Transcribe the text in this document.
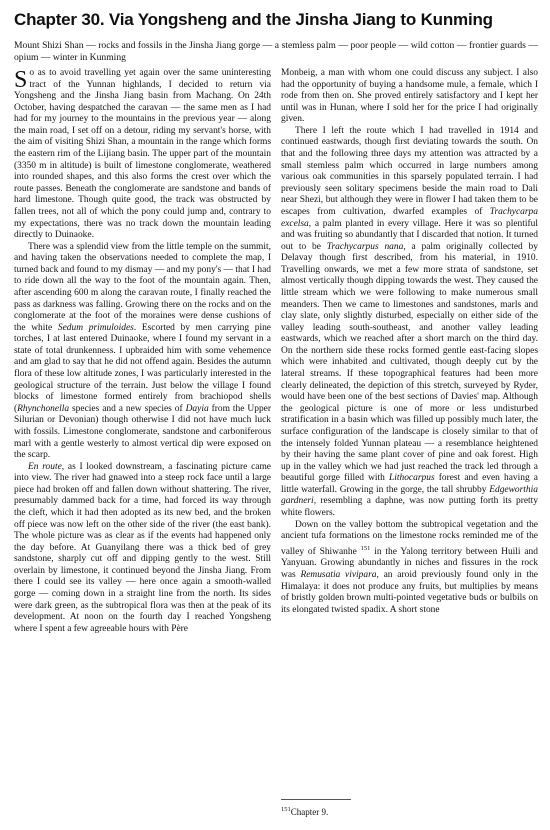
Chapter 30. Via Yongsheng and the Jinsha Jiang to Kunming
Mount Shizi Shan — rocks and fossils in the Jinsha Jiang gorge — a stemless palm — poor people — wild cotton — frontier guards — opium — winter in Kunming

So as to avoid travelling yet again over the same uninteresting tract of the Yunnan highlands, I decided to return via Yongsheng and the Jinsha Jiang basin from Machang. On 24th October, having despatched the caravan — the same men as I had had for my journey to the mountains in the previous year — along the main road, I set off on a detour, riding my servant's horse, with the aim of visiting Shizi Shan, a mountain in the range which forms the eastern rim of the Lijiang basin. The upper part of the mountain (3350 m in altitude) is built of limestone conglomerate, weathered into rounded shapes, and this also forms the crest over which the route passes. Beneath the conglomerate are sandstone and bands of hard limestone. Though quite good, the track was obstructed by fallen trees, not all of which the pony could jump and, contrary to my expectations, there was no track down the mountain leading directly to Duinaoke.

There was a splendid view from the little temple on the summit, and having taken the observations needed to complete the map, I turned back and found to my dismay — and my pony's — that I had to ride down all the way to the foot of the mountain again. Then, after ascending 600 m along the caravan route, I finally reached the pass as darkness was falling. Growing there on the rocks and on the conglomerate at the foot of the moraines were dense cushions of the white Sedum primuloides. Escorted by men carrying pine torches, I at last entered Duinaoke, where I found my servant in a state of total drunkenness. I upbraided him with some vehemence and am glad to say that he did not offend again. Besides the autumn flora of these low altitude zones, I was particularly interested in the geological structure of the terrain. Just below the village I found blocks of limestone formed entirely from brachiopod shells (Rhynchonella species and a new species of Dayia from the Upper Silurian or Devonian) though otherwise I did not have much luck with fossils. Limestone conglomerate, sandstone and carboniferous marl with a gentle westerly to almost vertical dip were exposed on the scarp.

En route, as I looked downstream, a fascinating picture came into view. The river had gnawed into a steep rock face until a large piece had broken off and fallen down without shattering. The river, presumably dammed back for a time, had forced its way through the cleft, which it had then adopted as its new bed, and the broken off piece was now left on the other side of the river (the east bank). The whole picture was as clear as if the events had happened only the day before. At Guanyilang there was a thick bed of grey sandstone, sharply cut off and dipping gently to the west. Still overlain by limestone, it continued beyond the Jinsha Jiang. From there I could see its valley — here once again a smooth-walled gorge — coming down in a straight line from the north. Its sides were dark green, as the subtropical flora was then at the peak of its development. At noon on the fourth day I reached Yongsheng where I spent a few agreeable hours with Père

Monbeig, a man with whom one could discuss any subject. I also had the opportunity of buying a handsome mule, a female, which I rode from then on. She proved entirely satisfactory and I kept her until was in Hunan, where I sold her for the price I had originally given.

There I left the route which I had travelled in 1914 and continued eastwards, though first deviating towards the south. On that and the following three days my attention was attracted by a small stemless palm which occurred in large numbers among various oak communities in this sparsely populated terrain. I had previously seen solitary specimens beside the main road to Dali near Shezi, but although they were in flower I had taken them to be escapes from cultivation, dwarfed examples of Trachycarpa excelsa, a palm planted in every village. Here it was so plentiful and was fruiting so abundantly that I discarded that notion. It turned out to be Trachycarpus nana, a palm originally collected by Delavay though first described, from his material, in 1910. Travelling onwards, we met a few more strata of sandstone, set almost vertically though dipping towards the west. They caused the little stream which we were following to make numerous small meanders. Then we came to limestones and sandstones, marls and clay slate, only slightly disturbed, especially on either side of the valley leading south-southeast, and another valley leading eastwards, which we reached after a short march on the third day. On the northern side these rocks formed gentle east-facing slopes which were inhabited and cultivated, though deeply cut by the lateral streams. If these topographical features had been more clearly delineated, the depiction of this stretch, surveyed by Ryder, would have been one of the best sections of Davies' map. Although the geological picture is one of more or less undisturbed stratification in a basin which was filled up possibly much later, the surface configuration of the landscape is closely similar to that of the intensely folded Yunnan plateau — a resemblance heightened by their having the same plant cover of pine and oak forest. High up in the valley which we had just reached the track led through a beautiful gorge filled with Lithocarpus forest and even having a little waterfall. Growing in the gorge, the tall shrubby Edgeworthia gardneri, resembling a daphne, was now putting forth its pretty white flowers.

Down on the valley bottom the subtropical vegetation and the ancient tufa formations on the limestone rocks reminded me of the valley of Shiwanhe $^{151}$ in the Yalong territory between Huili and Yanyuan. Growing abundantly in niches and fissures in the rock was Remusatia vivipara, an aroid previously found only in the Himalaya: it does not produce any fruits, but multiplies by means of bristly golden brown multi-pointed vegetative buds or bulbils on its elongated twisted spadix. A short stone

$^{151}$Chapter 9.
